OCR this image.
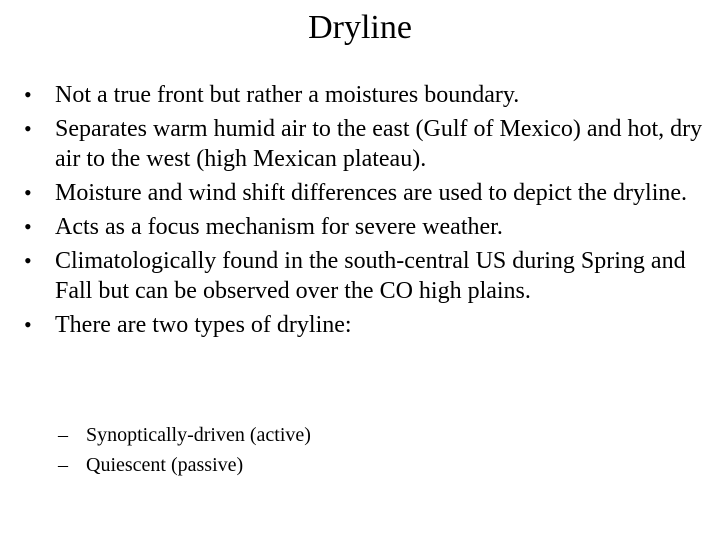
Dryline
• Not a true front but rather a moistures boundary.
• Separates warm humid air to the east (Gulf of Mexico) and hot, dry air to the west (high Mexican plateau).
• Moisture and wind shift differences are used to depict the dryline.
• Acts as a focus mechanism for severe weather.
• Climatologically found in the south-central US during Spring and Fall but can be observed over the CO high plains.
• There are two types of dryline:
– Synoptically-driven (active)
– Quiescent (passive)
